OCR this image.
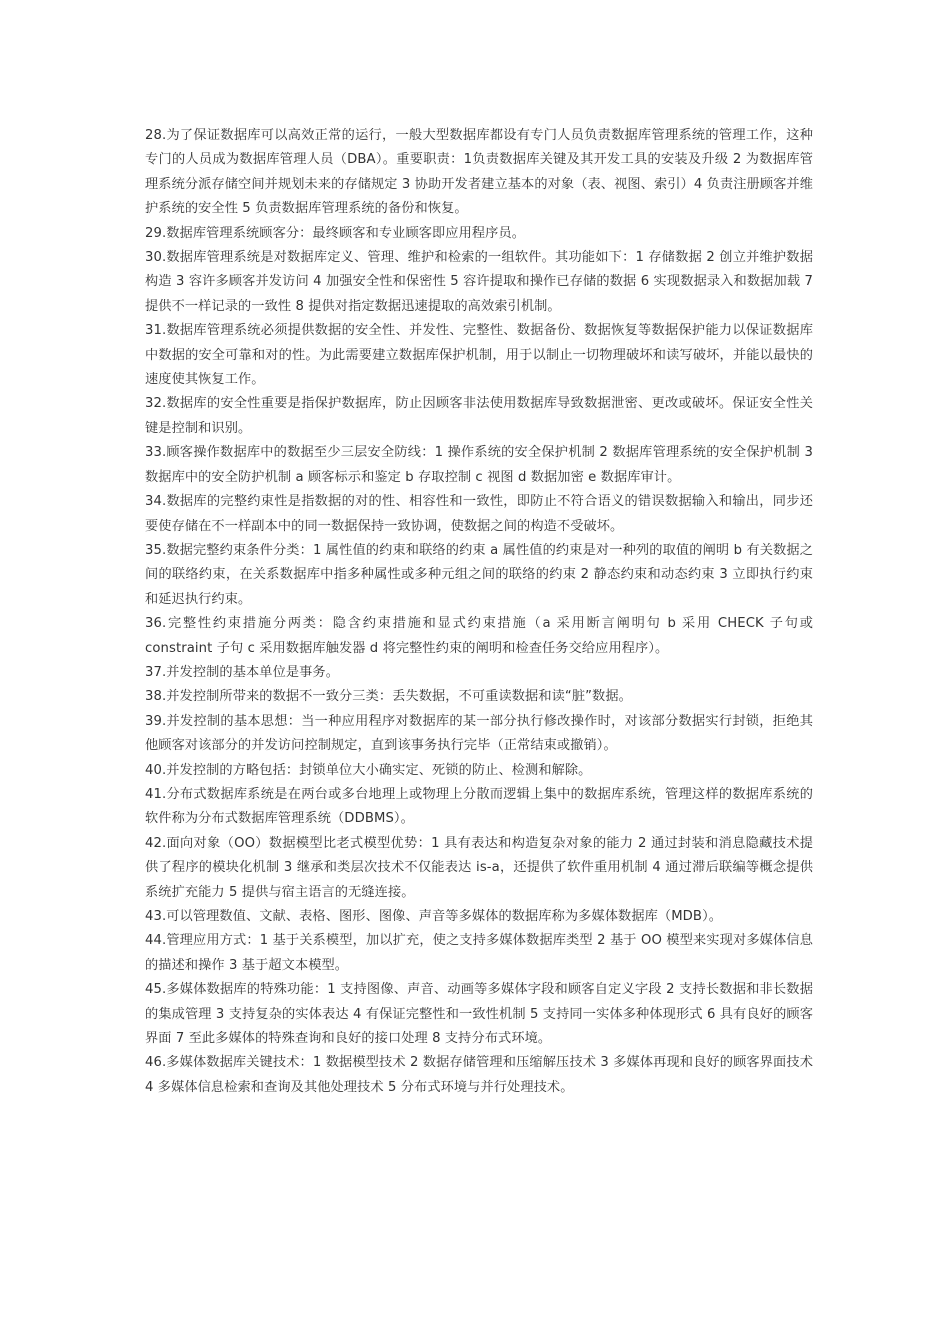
28.为了保证数据库可以高效正常的运行，一般大型数据库都设有专门人员负责数据库管理系统的管理工作，这种专门的人员成为数据库管理人员（DBA）。重要职责：1负责数据库关键及其开发工具的安装及升级 2 为数据库管理系统分派存储空间并规划未来的存储规定 3 协助开发者建立基本的对象（表、视图、索引）4 负责注册顾客并维护系统的安全性 5 负责数据库管理系统的备份和恢复。

29.数据库管理系统顾客分：最终顾客和专业顾客即应用程序员。

30.数据库管理系统是对数据库定义、管理、维护和检索的一组软件。其功能如下：1 存储数据 2 创立并维护数据构造 3 容许多顾客并发访问 4 加强安全性和保密性 5 容许提取和操作已存储的数据 6 实现数据录入和数据加载 7 提供不一样记录的一致性 8 提供对指定数据迅速提取的高效索引机制。

31.数据库管理系统必须提供数据的安全性、并发性、完整性、数据备份、数据恢复等数据保护能力以保证数据库中数据的安全可靠和对的性。为此需要建立数据库保护机制，用于以制止一切物理破坏和读写破坏，并能以最快的速度使其恢复工作。

32.数据库的安全性重要是指保护数据库，防止因顾客非法使用数据库导致数据泄密、更改或破坏。保证安全性关键是控制和识别。

33.顾客操作数据库中的数据至少三层安全防线：1 操作系统的安全保护机制 2 数据库管理系统的安全保护机制 3 数据库中的安全防护机制 a 顾客标示和鉴定 b 存取控制 c 视图 d 数据加密 e 数据库审计。

34.数据库的完整约束性是指数据的对的性、相容性和一致性，即防止不符合语义的错误数据输入和输出，同步还要使存储在不一样副本中的同一数据保持一致协调，使数据之间的构造不受破坏。

35.数据完整约束条件分类：1 属性值的约束和联络的约束 a 属性值的约束是对一种列的取值的阐明 b 有关数据之间的联络约束，在关系数据库中指多种属性或多种元组之间的联络的约束 2 静态约束和动态约束 3 立即执行约束和延迟执行约束。

36.完整性约束措施分两类：隐含约束措施和显式约束措施（a 采用断言阐明句 b 采用 CHECK 子句或 constraint 子句 c 采用数据库触发器 d 将完整性约束的阐明和检查任务交给应用程序）。

37.并发控制的基本单位是事务。

38.并发控制所带来的数据不一致分三类：丢失数据，不可重读数据和读“脏”数据。

39.并发控制的基本思想：当一种应用程序对数据库的某一部分执行修改操作时，对该部分数据实行封锁，拒绝其他顾客对该部分的并发访问控制规定，直到该事务执行完毕（正常结束或撤销）。

40.并发控制的方略包括：封锁单位大小确实定、死锁的防止、检测和解除。

41.分布式数据库系统是在两台或多台地理上或物理上分散而逻辑上集中的数据库系统，管理这样的数据库系统的软件称为分布式数据库管理系统（DDBMS）。

42.面向对象（OO）数据模型比老式模型优势：1 具有表达和构造复杂对象的能力 2 通过封装和消息隐藏技术提供了程序的模块化机制 3 继承和类层次技术不仅能表达 is-a，还提供了软件重用机制 4 通过滞后联编等概念提供系统扩充能力 5 提供与宿主语言的无缝连接。

43.可以管理数值、文献、表格、图形、图像、声音等多媒体的数据库称为多媒体数据库（MDB）。

44.管理应用方式：1 基于关系模型，加以扩充，使之支持多媒体数据库类型 2 基于 OO 模型来实现对多媒体信息的描述和操作 3 基于超文本模型。

45.多媒体数据库的特殊功能：1 支持图像、声音、动画等多媒体字段和顾客自定义字段 2 支持长数据和非长数据的集成管理 3 支持复杂的实体表达 4 有保证完整性和一致性机制 5 支持同一实体多种体现形式 6 具有良好的顾客界面 7 至此多媒体的特殊查询和良好的接口处理 8 支持分布式环境。

46.多媒体数据库关键技术：1 数据模型技术 2 数据存储管理和压缩解压技术 3 多媒体再现和良好的顾客界面技术 4 多媒体信息检索和查询及其他处理技术 5 分布式环境与并行处理技术。
